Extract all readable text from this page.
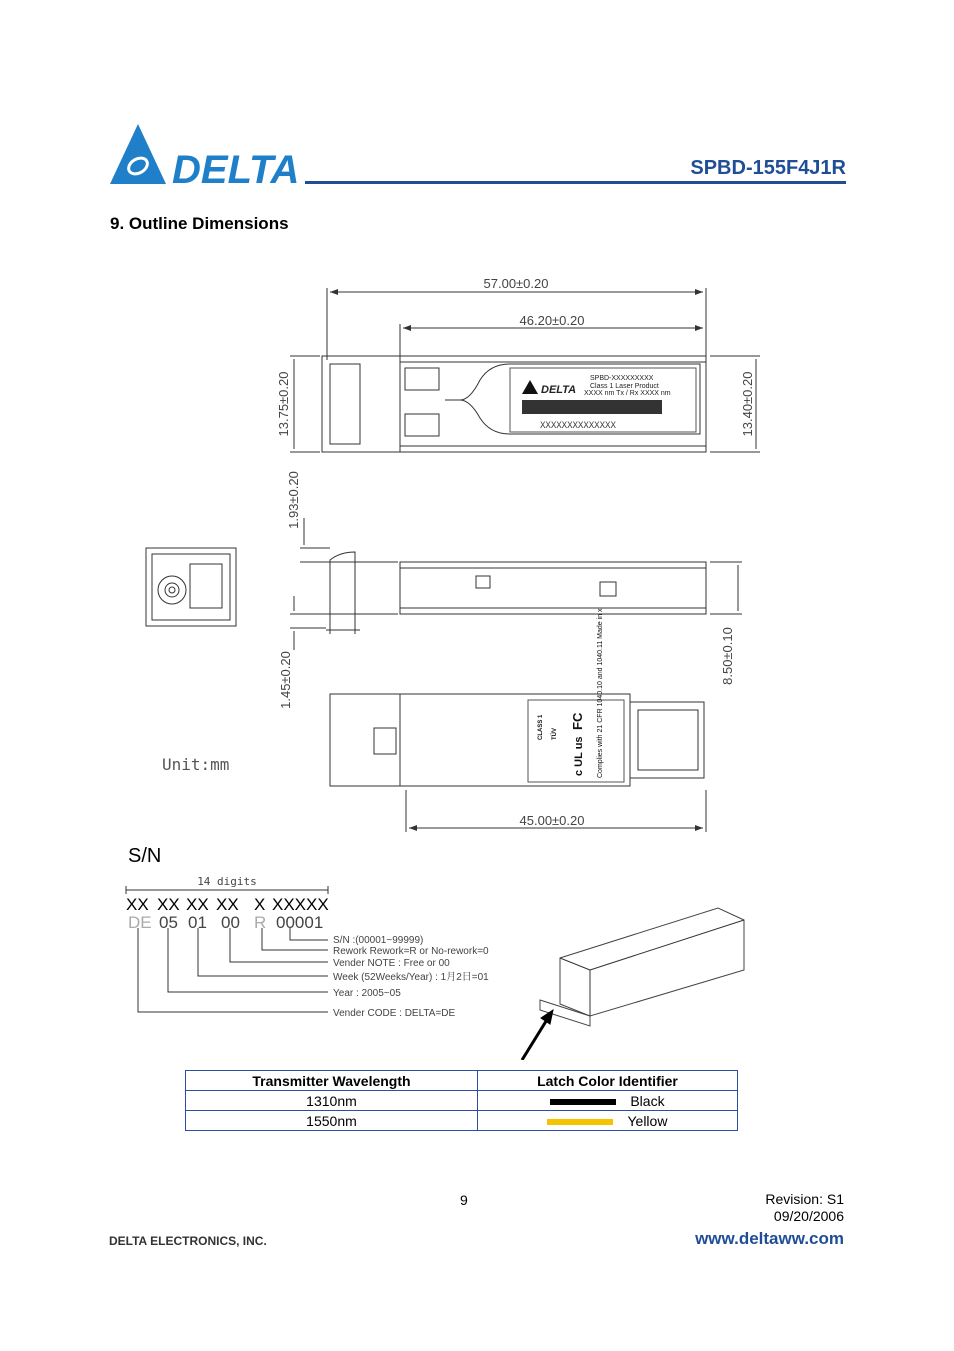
DELTA	SPBD-155F4J1R
9. Outline Dimensions
57.00±0.20
46.20±0.20
45.00±0.20
13.75±0.20	13.40±0.20
1.93±0.20
1.45±0.20	8.50±0.10
Unit:mm
DELTA
SPBD-XXXXXXXXX
Class 1 Laser Product
XXXX nm Tx / Rx XXXX nm
XXXXXXXXXXXXXX
Complies with 21 CFR 1040.10 and 1040.11 Made in x
CLASS 1 TÜV
c UL us
FC
S/N
14 digits
XX XX XX XX X XXXXX
DE 05 01 00 R 00001
S/N :(00001~99999)
Rework Rework=R or No-rework=0
Vender NOTE : Free or 00
Week (52Weeks/Year) : 1月2日=01
Year : 2005~05
Vender CODE : DELTA=DE
Transmitter Wavelength	Latch Color Identifier
1310nm	Black
1550nm	Yellow
9	Revision: S1
09/20/2006
DELTA ELECTRONICS, INC.	www.deltaww.com
